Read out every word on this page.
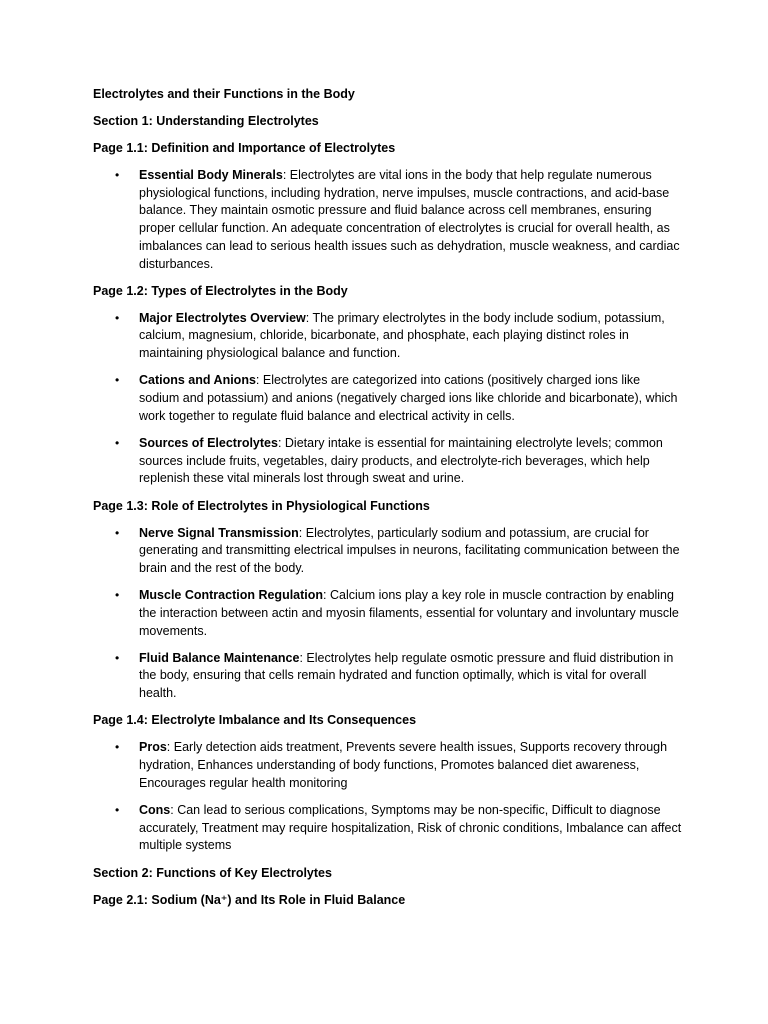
Electrolytes and their Functions in the Body
Section 1: Understanding Electrolytes
Page 1.1: Definition and Importance of Electrolytes
• Essential Body Minerals: Electrolytes are vital ions in the body that help regulate numerous physiological functions, including hydration, nerve impulses, muscle contractions, and acid-base balance. They maintain osmotic pressure and fluid balance across cell membranes, ensuring proper cellular function. An adequate concentration of electrolytes is crucial for overall health, as imbalances can lead to serious health issues such as dehydration, muscle weakness, and cardiac disturbances.
Page 1.2: Types of Electrolytes in the Body
• Major Electrolytes Overview: The primary electrolytes in the body include sodium, potassium, calcium, magnesium, chloride, bicarbonate, and phosphate, each playing distinct roles in maintaining physiological balance and function.
• Cations and Anions: Electrolytes are categorized into cations (positively charged ions like sodium and potassium) and anions (negatively charged ions like chloride and bicarbonate), which work together to regulate fluid balance and electrical activity in cells.
• Sources of Electrolytes: Dietary intake is essential for maintaining electrolyte levels; common sources include fruits, vegetables, dairy products, and electrolyte-rich beverages, which help replenish these vital minerals lost through sweat and urine.
Page 1.3: Role of Electrolytes in Physiological Functions
• Nerve Signal Transmission: Electrolytes, particularly sodium and potassium, are crucial for generating and transmitting electrical impulses in neurons, facilitating communication between the brain and the rest of the body.
• Muscle Contraction Regulation: Calcium ions play a key role in muscle contraction by enabling the interaction between actin and myosin filaments, essential for voluntary and involuntary muscle movements.
• Fluid Balance Maintenance: Electrolytes help regulate osmotic pressure and fluid distribution in the body, ensuring that cells remain hydrated and function optimally, which is vital for overall health.
Page 1.4: Electrolyte Imbalance and Its Consequences
• Pros: Early detection aids treatment, Prevents severe health issues, Supports recovery through hydration, Enhances understanding of body functions, Promotes balanced diet awareness, Encourages regular health monitoring
• Cons: Can lead to serious complications, Symptoms may be non-specific, Difficult to diagnose accurately, Treatment may require hospitalization, Risk of chronic conditions, Imbalance can affect multiple systems
Section 2: Functions of Key Electrolytes
Page 2.1: Sodium (Na⁺) and Its Role in Fluid Balance
